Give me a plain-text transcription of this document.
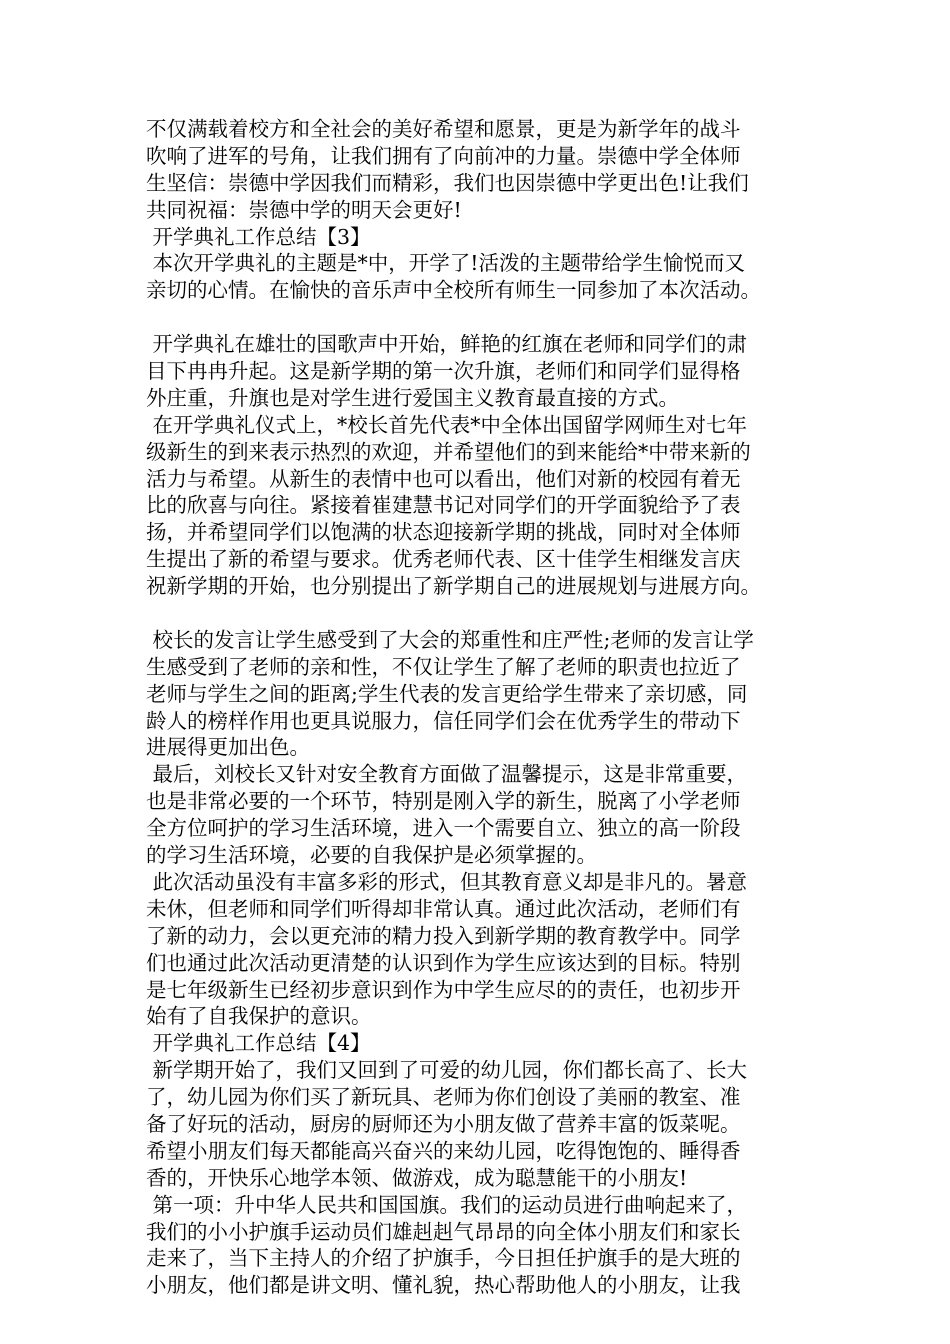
不仅满载着校方和全社会的美好希望和愿景，更是为新学年的战斗
吹响了进军的号角，让我们拥有了向前冲的力量。崇德中学全体师
生坚信：崇德中学因我们而精彩，我们也因崇德中学更出色!让我们
共同祝福：崇德中学的明天会更好!
开学典礼工作总结【3】
本次开学典礼的主题是*中，开学了!活泼的主题带给学生愉悦而又
亲切的心情。在愉快的音乐声中全校所有师生一同参加了本次活动。
开学典礼在雄壮的国歌声中开始，鲜艳的红旗在老师和同学们的肃
目下冉冉升起。这是新学期的第一次升旗，老师们和同学们显得格
外庄重，升旗也是对学生进行爱国主义教育最直接的方式。
在开学典礼仪式上，*校长首先代表*中全体出国留学网师生对七年
级新生的到来表示热烈的欢迎，并希望他们的到来能给*中带来新的
活力与希望。从新生的表情中也可以看出，他们对新的校园有着无
比的欣喜与向往。紧接着崔建慧书记对同学们的开学面貌给予了表
扬，并希望同学们以饱满的状态迎接新学期的挑战，同时对全体师
生提出了新的希望与要求。优秀老师代表、区十佳学生相继发言庆
祝新学期的开始，也分别提出了新学期自己的进展规划与进展方向。
校长的发言让学生感受到了大会的郑重性和庄严性;老师的发言让学
生感受到了老师的亲和性，不仅让学生了解了老师的职责也拉近了
老师与学生之间的距离;学生代表的发言更给学生带来了亲切感，同
龄人的榜样作用也更具说服力，信任同学们会在优秀学生的带动下
进展得更加出色。
最后，刘校长又针对安全教育方面做了温馨提示，这是非常重要，
也是非常必要的一个环节，特别是刚入学的新生，脱离了小学老师
全方位呵护的学习生活环境，进入一个需要自立、独立的高一阶段
的学习生活环境，必要的自我保护是必须掌握的。
此次活动虽没有丰富多彩的形式，但其教育意义却是非凡的。暑意
未休，但老师和同学们听得却非常认真。通过此次活动，老师们有
了新的动力，会以更充沛的精力投入到新学期的教育教学中。同学
们也通过此次活动更清楚的认识到作为学生应该达到的目标。特别
是七年级新生已经初步意识到作为中学生应尽的的责任，也初步开
始有了自我保护的意识。
开学典礼工作总结【4】
新学期开始了，我们又回到了可爱的幼儿园，你们都长高了、长大
了，幼儿园为你们买了新玩具、老师为你们创设了美丽的教室、准
备了好玩的活动，厨房的厨师还为小朋友做了营养丰富的饭菜呢。
希望小朋友们每天都能高兴奋兴的来幼儿园，吃得饱饱的、睡得香
香的，开快乐心地学本领、做游戏，成为聪慧能干的小朋友!
第一项：升中华人民共和国国旗。我们的运动员进行曲响起来了，
我们的小小护旗手运动员们雄赳赳气昂昂的向全体小朋友们和家长
走来了，当下主持人的介绍了护旗手，今日担任护旗手的是大班的
小朋友，他们都是讲文明、懂礼貌，热心帮助他人的小朋友，让我
